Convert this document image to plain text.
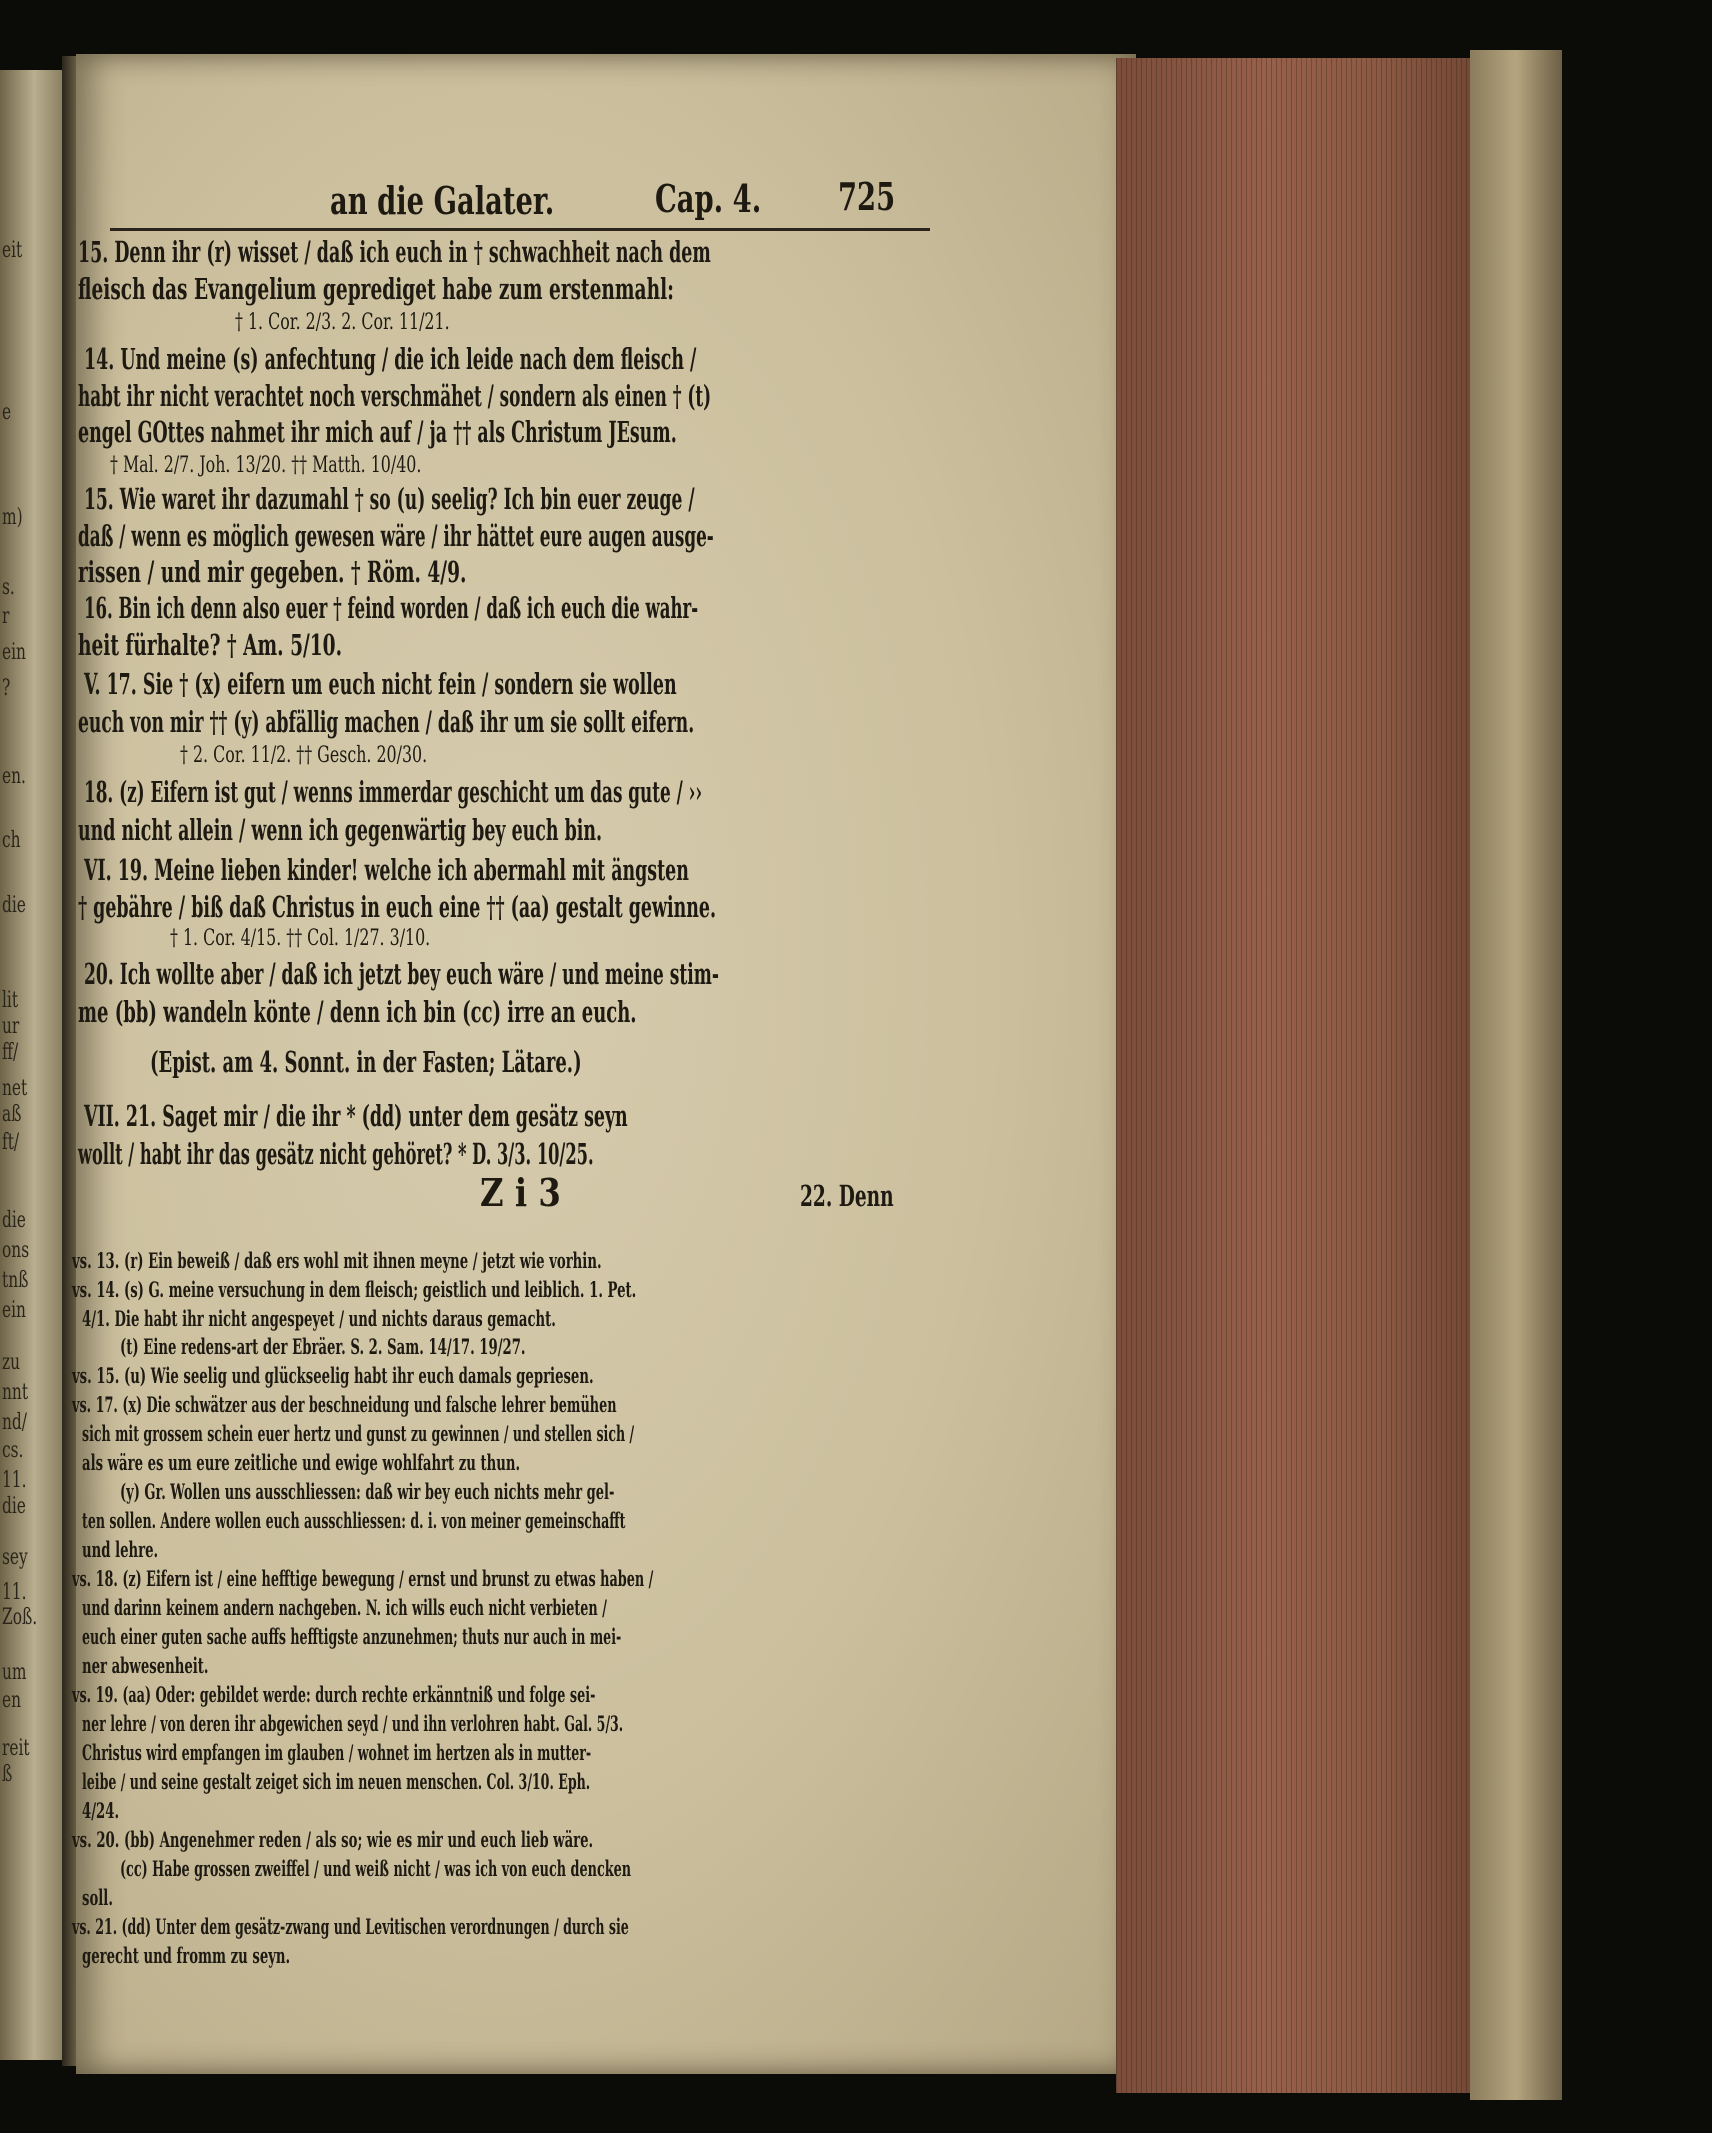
eit
e
m)
s.
r
ein
?
en.
ch
die
lit
ur
ff/
net
aß
ft/
die
ons
tnß
ein
zu
nnt
nd/
cs.
11.
die
sey
11.
Zoß.
um
en
reit
ß
an die Galater.	Cap. 4. 725
15. Denn ihr (r) wisset / daß ich euch in † schwachheit nach dem
fleisch das Evangelium geprediget habe zum erstenmahl:
† 1. Cor. 2/3. 2. Cor. 11/21.
14. Und meine (s) anfechtung / die ich leide nach dem fleisch /
habt ihr nicht verachtet noch verschmähet / sondern als einen † (t)
engel GOttes nahmet ihr mich auf / ja †† als Christum JEsum.
† Mal. 2/7. Joh. 13/20. †† Matth. 10/40.
15. Wie waret ihr dazumahl † so (u) seelig? Ich bin euer zeuge /
daß / wenn es möglich gewesen wäre / ihr hättet eure augen ausge-
rissen / und mir gegeben. † Röm. 4/9.
16. Bin ich denn also euer † feind worden / daß ich euch die wahr-
heit fürhalte? † Am. 5/10.
V. 17. Sie † (x) eifern um euch nicht fein / sondern sie wollen
euch von mir †† (y) abfällig machen / daß ihr um sie sollt eifern.
† 2. Cor. 11/2. †† Gesch. 20/30.
18. (z) Eifern ist gut / wenns immerdar geschicht um das gute / ››
und nicht allein / wenn ich gegenwärtig bey euch bin.
VI. 19. Meine lieben kinder! welche ich abermahl mit ängsten
† gebähre / biß daß Christus in euch eine †† (aa) gestalt gewinne.
† 1. Cor. 4/15. †† Col. 1/27. 3/10.
20. Ich wollte aber / daß ich jetzt bey euch wäre / und meine stim-
me (bb) wandeln könte / denn ich bin (cc) irre an euch.
(Epist. am 4. Sonnt. in der Fasten; Lätare.)
VII. 21. Saget mir / die ihr * (dd) unter dem gesätz seyn
wollt / habt ihr das gesätz nicht gehöret? * D. 3/3. 10/25.
Z i 3	22. Denn
vs. 13. (r) Ein beweiß / daß ers wohl mit ihnen meyne / jetzt wie vorhin.
vs. 14. (s) G. meine versuchung in dem fleisch; geistlich und leiblich. 1. Pet.
4/1. Die habt ihr nicht angespeyet / und nichts daraus gemacht.
(t) Eine redens-art der Ebräer. S. 2. Sam. 14/17. 19/27.
vs. 15. (u) Wie seelig und glückseelig habt ihr euch damals gepriesen.
vs. 17. (x) Die schwätzer aus der beschneidung und falsche lehrer bemühen
sich mit grossem schein euer hertz und gunst zu gewinnen / und stellen sich /
als wäre es um eure zeitliche und ewige wohlfahrt zu thun.
(y) Gr. Wollen uns ausschliessen: daß wir bey euch nichts mehr gel-
ten sollen. Andere wollen euch ausschliessen: d. i. von meiner gemeinschafft
und lehre.
vs. 18. (z) Eifern ist / eine hefftige bewegung / ernst und brunst zu etwas haben /
und darinn keinem andern nachgeben. N. ich wills euch nicht verbieten /
euch einer guten sache auffs hefftigste anzunehmen; thuts nur auch in mei-
ner abwesenheit.
vs. 19. (aa) Oder: gebildet werde: durch rechte erkänntniß und folge sei-
ner lehre / von deren ihr abgewichen seyd / und ihn verlohren habt. Gal. 5/3.
Christus wird empfangen im glauben / wohnet im hertzen als in mutter-
leibe / und seine gestalt zeiget sich im neuen menschen. Col. 3/10. Eph.
4/24.
vs. 20. (bb) Angenehmer reden / als so; wie es mir und euch lieb wäre.
(cc) Habe grossen zweiffel / und weiß nicht / was ich von euch dencken
soll.
vs. 21. (dd) Unter dem gesätz-zwang und Levitischen verordnungen / durch sie
gerecht und fromm zu seyn.
